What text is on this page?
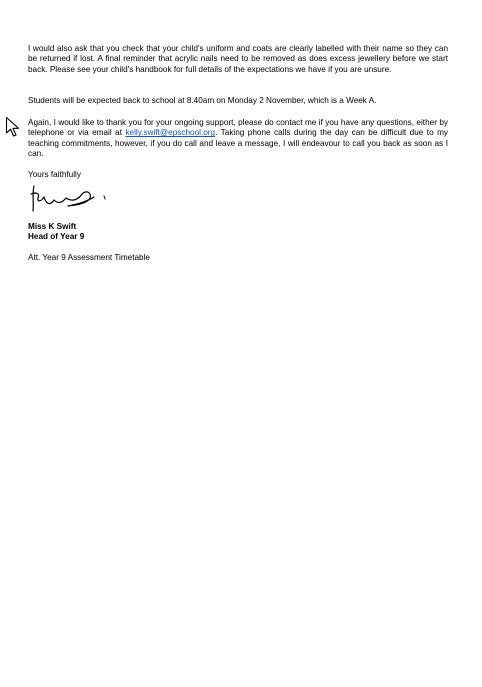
I would also ask that you check that your child's uniform and coats are clearly labelled with their name so they can be returned if lost. A final reminder that acrylic nails need to be removed as does excess jewellery before we start back. Please see your child's handbook for full details of the expectations we have if you are unsure.

Students will be expected back to school at 8.40am on Monday 2 November, which is a Week A.

Again, I would like to thank you for your ongoing support, please do contact me if you have any questions, either by telephone or via email at kelly.swift@epschool.org. Taking phone calls during the day can be difficult due to my teaching commitments, however, if you do call and leave a message, I will endeavour to call you back as soon as I can.

Yours faithfully

Miss K Swift

Head of Year 9

Att. Year 9 Assessment Timetable
